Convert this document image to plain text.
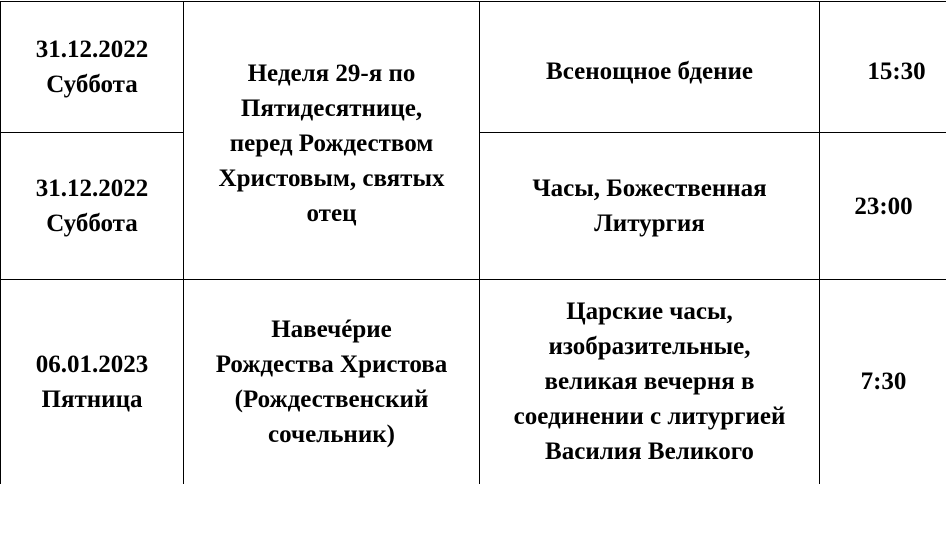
31.12.2022
Суббота	Неделя 29-я по
Пятидесятнице,
перед Рождеством
Христовым, святых
отец	Всенощное бдение	15:30

31.12.2022
Суббота		Часы, Божественная
Литургия	23:00

06.01.2023
Пятница	Навечéрие
Рождества Христова
(Рождественский
сочельник)	Царские часы,
изобразительные,
великая вечерня в
соединении с литургией
Василия Великого	7:30
